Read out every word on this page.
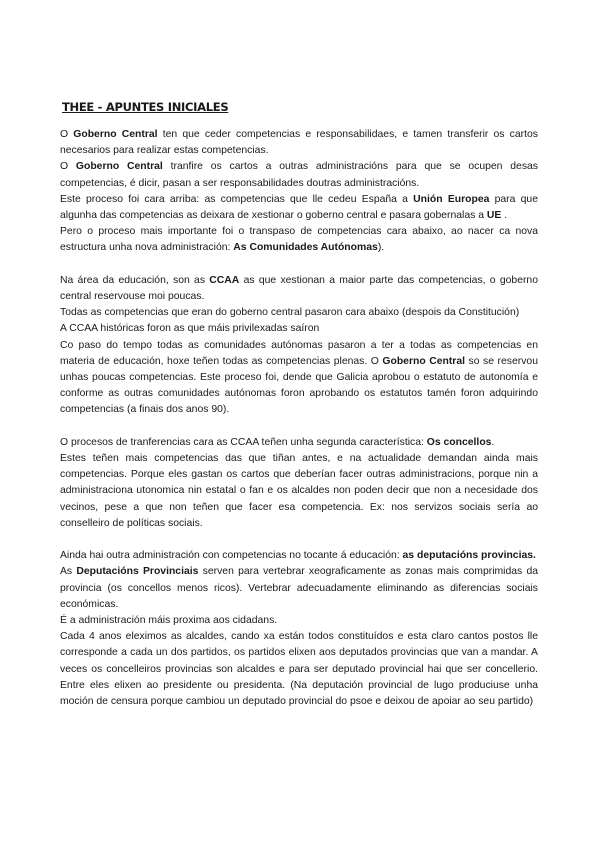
THEE - APUNTES INICIALES

O Goberno Central ten que ceder competencias e responsabilidaes, e tamen transferir os cartos necesarios para realizar estas competencias.

O Goberno Central tranfire os cartos a outras administracións para que se ocupen desas competencias, é dicir, pasan a ser responsabilidades doutras administracións.

Este proceso foi cara arriba: as competencias que lle cedeu España a Unión Europea para que algunha das competencias as deixara de xestionar o goberno central e pasara gobernalas a UE .

Pero o proceso mais importante foi o transpaso de competencias cara abaixo, ao nacer ca nova estructura unha nova administración: As Comunidades Autónomas).

Na área da educación, son as CCAA as que xestionan a maior parte das competencias, o goberno central reservouse moi poucas.

Todas as competencias que eran do goberno central pasaron cara abaixo (despois da Constitución)

A CCAA históricas foron as que máis privilexadas saíron

Co paso do tempo todas as comunidades autónomas pasaron a ter a todas as competencias en materia de educación, hoxe teñen todas as competencias plenas. O Goberno Central so se reservou unhas poucas competencias. Este proceso foi, dende que Galicia aprobou o estatuto de autonomía e conforme as outras comunidades autónomas foron aprobando os estatutos tamén foron adquirindo competencias (a finais dos anos 90).

O procesos de tranferencias cara as CCAA teñen unha segunda característica: Os concellos.

Estes teñen mais competencias das que tiñan antes, e na actualidade demandan ainda mais competencias. Porque eles gastan os cartos que deberían facer outras administracions, porque nin a administraciona utonomica nin estatal o fan e os alcaldes non poden decir que non a necesidade dos vecinos, pese a que non teñen que facer esa competencia. Ex: nos servizos sociais sería ao conselleiro de políticas sociais.

Ainda hai outra administración con competencias no tocante á educación: as deputacións provincias.

As Deputacións Provinciais serven para vertebrar xeograficamente as zonas mais comprimidas da provincia (os concellos menos ricos). Vertebrar adecuadamente eliminando as diferencias sociais económicas.

É a administración máis proxima aos cidadans.

Cada 4 anos eleximos as alcaldes, cando xa están todos constituídos e esta claro cantos postos lle corresponde a cada un dos partidos, os partidos elixen aos deputados provincias que van a mandar. A veces os concelleiros provincias son alcaldes e para ser deputado provincial hai que ser concellerio. Entre eles elixen ao presidente ou presidenta. (Na deputación provincial de lugo produciuse unha moción de censura porque cambiou un deputado provincial do psoe e deixou de apoiar ao seu partido)
